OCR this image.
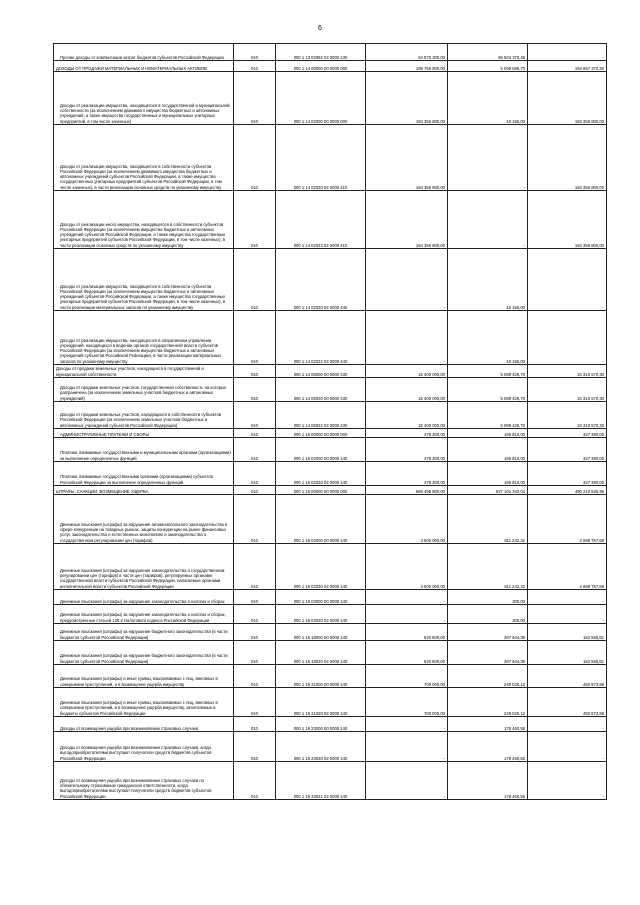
6
Прочие доходы от компенсации затрат бюджетов субъектов Российской Федерации	010	000 1 13 02992 02 0000 130	54 875 300,00	65 504 379,45	-
ДОХОДЫ ОТ ПРОДАЖИ МАТЕРИАЛЬНЫХ И НЕМАТЕРИАЛЬНЫХ АКТИВОВ	010	000 1 14 00000 00 0000 000	199 756 800,00	5 099 585,70	194 657 370,30
Доходы от реализации имущества, находящегося в государственной и муниципальной собственности (за исключением движимого имущества бюджетных и автономных учреждений, а также имущества государственных и муниципальных унитарных предприятий, в том числе казенных)	010	000 1 14 02000 00 0000 000	184 356 800,00	10 156,00	184 356 800,00
Доходы от реализации имущества, находящегося в собственности субъектов Российской Федерации (за исключением движимого имущества бюджетных и автономных учреждений субъектов Российской Федерации, а также имущества государственных унитарных предприятий субъектов Российской Федерации, в том числе казенных), в части реализации основных средств по указанному имуществу	010	000 1 14 02020 02 0000 410	184 356 800,00	-	184 356 800,00
Доходы от реализации иного имущества, находящегося в собственности субъектов Российской Федерации (за исключением имущества бюджетных и автономных учреждений субъектов Российской Федерации, а также имущества государственных унитарных предприятий субъектов Российской Федерации, в том числе казенных), в части реализации основных средств по указанному имуществу	010	000 1 14 02023 02 0000 410	184 356 800,00	-	184 356 800,00
Доходы от реализации имущества, находящегося в собственности субъектов Российской Федерации (за исключением имущества бюджетных и автономных учреждений субъектов Российской Федерации, а также имущества государственных унитарных предприятий субъектов Российской Федерации, в том числе казенных), в части реализации материальных запасов по указанному имуществу	010	000 1 14 02020 02 0000 440	-	10 156,00	-
Доходы от реализации имущества, находящегося в оперативном управлении учреждений, находящихся в ведении органов государственной власти субъектов Российской Федерации (за исключением имущества бюджетных и автономных учреждений субъектов Российской Federации), в части реализации материальных запасов по указанному имуществу	010	000 1 14 02022 02 0000 440	-	10 156,00	-
Доходы от продажи земельных участков, находящихся в государственной и муниципальной собственности	010	000 1 14 06000 00 0000 430	15 400 000,00	5 089 429,70	10 310 570,30
Доходы от продажи земельных участков, государственная собственность на которые разграничена (за исключением земельных участков бюджетных и автономных учреждений)	010	000 1 14 06020 00 0000 430	15 400 000,00	5 089 429,70	10 310 570,30
Доходы от продажи земельных участков, находящихся в собственности субъектов Российской Федерации (за исключением земельных участков бюджетных и автономных учреждений субъектов Российской Федерации)	010	000 1 14 06022 02 0000 430	15 400 000,00	5 089 429,70	10 310 570,30
АДМИНИСТРАТИВНЫЕ ПЛАТЕЖИ И СБОРЫ	010	000 1 15 00000 00 0000 000	478 300,00	150 910,00	327 390,00
Платежи, взимаемые государственными и муниципальными органами (организациями) за выполнение определенных функций	010	000 1 15 02000 00 0000 140	478 300,00	150 910,00	327 390,00
Платежи, взимаемые государственными органами (организациями) субъектов Российской Федерации за выполнение определенных функций	010	000 1 15 02020 02 0000 140	478 300,00	150 910,00	327 390,00
ШТРАФЫ, САНКЦИИ, ВОЗМЕЩЕНИЕ УЩЕРБА	010	000 1 16 00000 00 0000 000	669 495 500,00	537 101 343,04	490 210 535,96
Денежные взыскания (штрафы) за нарушение антимонопольного законодательства в сфере конкуренции на товарных рынках, защиты конкуренции на рынке финансовых услуг, законодательства о естественных монополиях и законодательства о государственном регулировании цен (тарифов)	010	000 1 16 02000 00 0000 140	3 500 000,00	811 242,32	2 688 757,68
Денежные взыскания (штрафы) за нарушение законодательства о государственном регулировании цен (тарифов) в части цен (тарифов), регулируемых органами государственной власти субъектов Российской Федерации, налагаемые органами исполнительной власти субъектов Российской Федерации	010	000 1 16 02030 02 0000 140	3 500 000,00	811 242,32	2 688 757,68
Денежные взыскания (штрафы) за нарушение законодательства о налогах и сборах	010	000 1 16 03000 00 0000 140	-	300,00	-
Денежные взыскания (штрафы) за нарушение законодательства о налогах и сборах, предусмотренные статьей 129.2 Налогового кодекса Российской Федерации	010	000 1 16 03020 02 0000 140	-	300,00	-
Денежные взыскания (штрафы) за нарушение бюджетного законодательства (в части бюджетов субъектов Российской Федерации)	010	000 1 16 18000 00 0000 140	520 500,00	367 944,39	152 555,61
Денежные взыскания (штрафы) за нарушение бюджетного законодательства (в части бюджетов субъектов Российской Федерации)	010	000 1 16 18020 02 0000 140	520 500,00	367 944,39	152 555,61
Денежные взыскания (штрафы) и иные суммы, взыскиваемые с лиц, виновных в совершении преступлений, и в возмещение ущерба имуществу	010	000 1 16 21000 00 0000 140	700 000,00	249 026,12	450 973,88
Денежные взыскания (штрафы) и иные суммы, взыскиваемые с лиц, виновных в совершении преступлений, и в возмещение ущерба имуществу, зачисляемые в бюджеты субъектов Российской Федерации	010	000 1 16 21020 02 0000 140	700 000,00	249 026,12	450 973,88
Доходы от возмещения ущерба при возникновении страховых случаев	010	000 1 16 23000 00 0000 140	-	178 460,55	-
Доходы от возмещения ущерба при возникновении страховых случаев, когда выгодоприобретателями выступают получатели средств бюджетов субъектов Российской Федерации	010	000 1 16 23020 02 0000 140	-	178 460,55	-
Доходы от возмещения ущерба при возникновении страховых случаев по обязательному страхованию гражданской ответственности, когда выгодоприобретателями выступают получатели средств бюджетов субъектов Российской Федерации	010	000 1 16 23021 02 0000 140	-	178 460,55	-
